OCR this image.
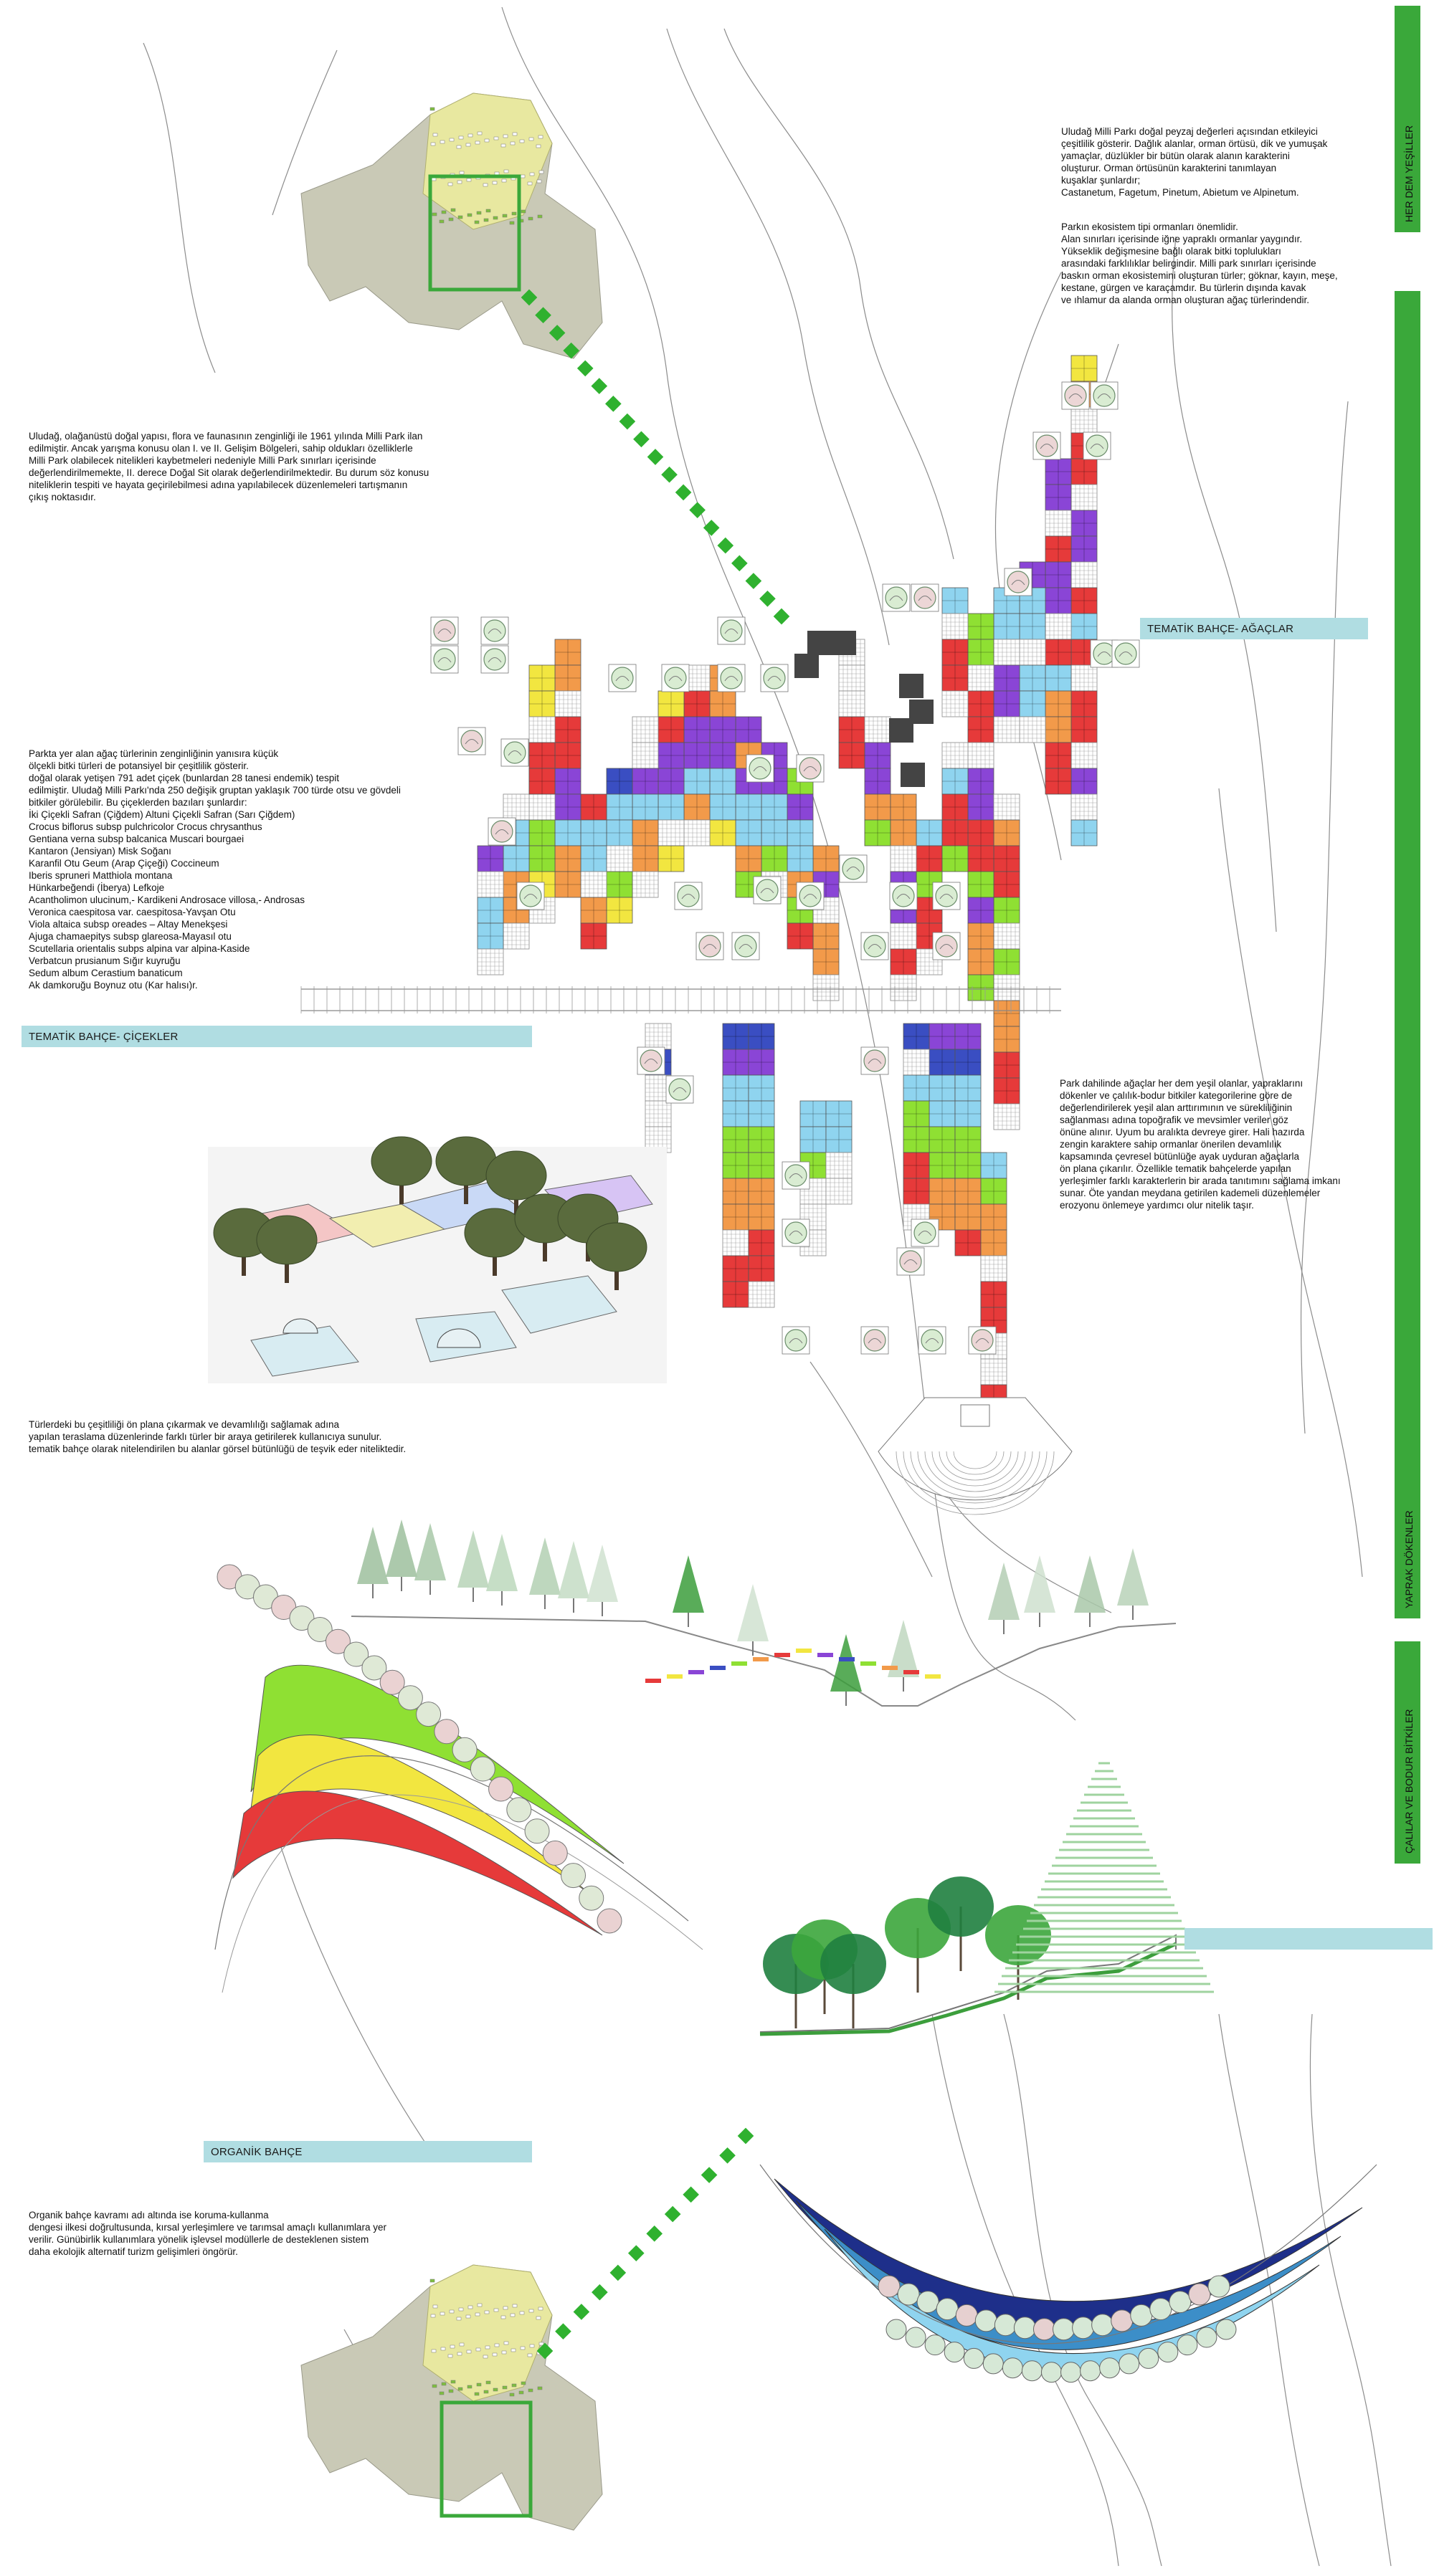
HER DEM YEŞİLLER
YAPRAK DÖKENLER
ÇALILAR VE BODUR BİTKİLER
TEMATİK BAHÇE- AĞAÇLAR
TEMATİK BAHÇE- ÇİÇEKLER
ORGANİK BAHÇE

Uludağ Milli Parkı doğal peyzaj değerleri açısından etkileyici
çeşitlilik gösterir. Dağlık alanlar, orman örtüsü, dik ve yumuşak
yamaçlar, düzlükler bir bütün olarak alanın karakterini
oluşturur. Orman örtüsünün karakterini tanımlayan
kuşaklar şunlardır;
Castanetum, Fagetum, Pinetum, Abietum ve Alpinetum.

Parkın ekosistem tipi ormanları önemlidir.
Alan sınırları içerisinde iğne yapraklı ormanlar yaygındır.
Yükseklik değişmesine bağlı olarak bitki toplulukları
arasındaki farklılıklar belirgindir. Milli park sınırları içerisinde
baskın orman ekosistemini oluşturan türler; göknar, kayın, meşe,
kestane, gürgen ve karaçamdır. Bu türlerin dışında kavak
ve ıhlamur da alanda orman oluşturan ağaç türlerindendir.

Uludağ, olağanüstü doğal yapısı, flora ve faunasının zenginliği ile 1961 yılında Milli Park ilan
edilmiştir. Ancak yarışma konusu olan I. ve II. Gelişim Bölgeleri, sahip oldukları özelliklerle
Milli Park olabilecek nitelikleri kaybetmeleri nedeniyle Milli Park sınırları içerisinde
değerlendirilmemekte, II. derece Doğal Sit olarak değerlendirilmektedir. Bu durum söz konusu
niteliklerin tespiti ve hayata geçirilebilmesi adına yapılabilecek düzenlemeleri tartışmanın
çıkış noktasıdır.
Parkta yer alan ağaç türlerinin zenginliğinin yanısıra küçük
ölçekli bitki türleri de potansiyel bir çeşitlilik gösterir.
doğal olarak yetişen 791 adet çiçek (bunlardan 28 tanesi endemik) tespit
edilmiştir. Uludağ Milli Parkı'nda 250 değişik gruptan yaklaşık 700 türde otsu ve gövdeli
bitkiler görülebilir. Bu çiçeklerden bazıları şunlardır:
İki Çiçekli Safran (Çiğdem) Altuni Çiçekli Safran (Sarı Çiğdem)
Crocus biflorus subsp pulchricolor Crocus chrysanthus
Gentiana verna subsp balcanica Muscari bourgaei
Kantaron (Jensiyan) Misk Soğanı
Karanfil Otu Geum (Arap Çiçeği) Coccineum
Iberis spruneri Matthiola montana
Hünkarbeğendi (İberya) Lefkoje
Acantholimon ulucinum,- Kardikeni Androsace villosa,- Androsas
Veronica caespitosa var. caespitosa-Yavşan Otu
Viola altaica subsp oreades – Altay Menekşesi
Ajuga chamaepitys subsp glareosa-Mayasıl otu
Scutellaria orientalis subps alpina var alpina-Kaside
Verbatcun prusianum Sığır kuyruğu
Sedum album Cerastium banaticum
Ak damkoruğu Boynuz otu (Kar halısı)r.
Park dahilinde ağaçlar her dem yeşil olanlar, yapraklarını
dökenler ve çalılık-bodur bitkiler kategorilerine göre de
değerlendirilerek yeşil alan arttırımının ve sürekliliğinin
sağlanması adına topoğrafik ve mevsimler veriler göz
önüne alınır. Uyum bu aralıkta devreye girer. Hali hazırda
zengin karaktere sahip ormanlar önerilen devamlılık
kapsamında çevresel bütünlüğe ayak uyduran ağaçlarla
ön plana çıkarılır. Özellikle tematik bahçelerde yapılan
yerleşimler farklı karakterlerin bir arada tanıtımını sağlama imkanı
sunar. Öte yandan meydana getirilen kademeli düzenlemeler
erozyonu önlemeye yardımcı olur nitelik taşır.
Türlerdeki bu çeşitliliği ön plana çıkarmak ve devamlılığı sağlamak adına
yapılan teraslama düzenlerinde farklı türler bir araya getirilerek kullanıcıya sunulur.
tematik bahçe olarak nitelendirilen bu alanlar görsel bütünlüğü de teşvik eder niteliktedir.
Organik bahçe kavramı adı altında ise koruma-kullanma
dengesi ilkesi doğrultusunda, kırsal yerleşimlere ve tarımsal amaçlı kullanımlara yer
verilir. Günübirlik kullanımlara yönelik işlevsel modüllerle de desteklenen sistem
daha ekolojik alternatif turizm gelişimleri öngörür.
